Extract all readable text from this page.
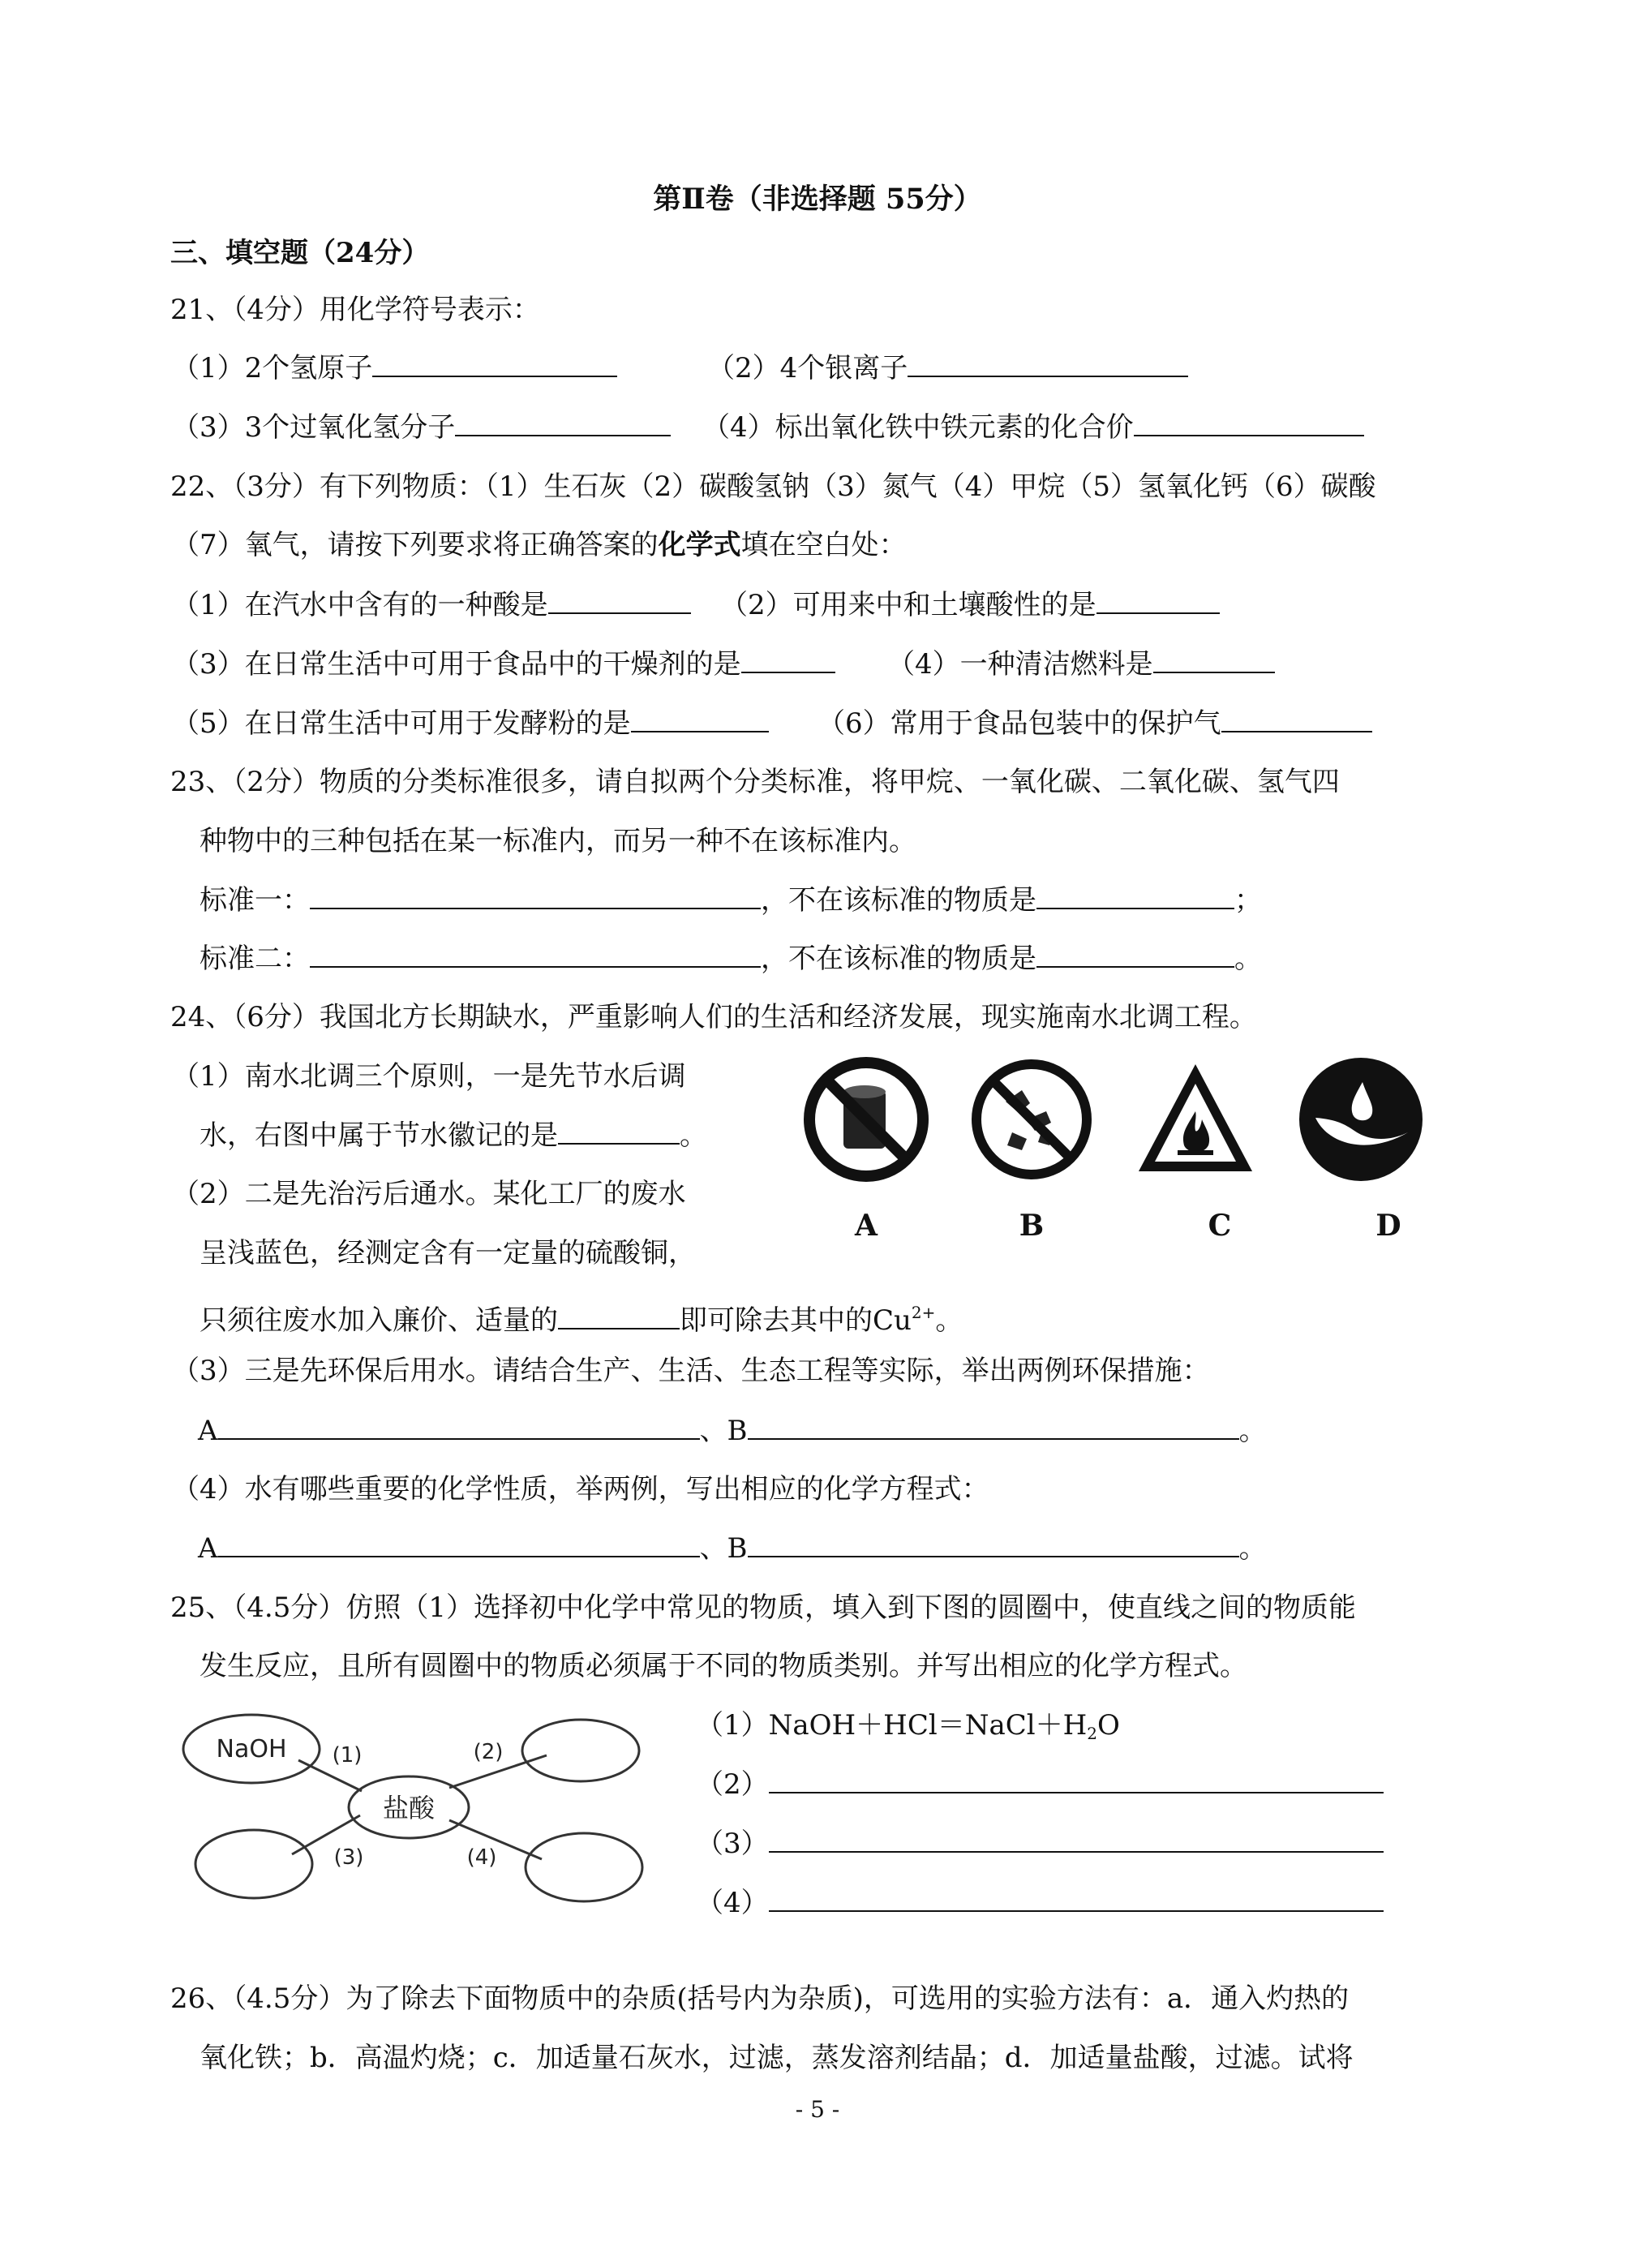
第Ⅱ卷（非选择题 55分）
三、填空题（24分）
21、（4分）用化学符号表示：
（1）2个氢原子	（2）4个银离子
（3）3个过氧化氢分子	（4）标出氧化铁中铁元素的化合价
22、（3分）有下列物质：（1）生石灰（2）碳酸氢钠（3）氮气（4）甲烷（5）氢氧化钙（6）碳酸
（7）氧气，请按下列要求将正确答案的化学式填在空白处：
（1）在汽水中含有的一种酸是	（2）可用来中和土壤酸性的是
（3）在日常生活中可用于食品中的干燥剂的是	（4）一种清洁燃料是
（5）在日常生活中可用于发酵粉的是	（6）常用于食品包装中的保护气
23、（2分）物质的分类标准很多，请自拟两个分类标准，将甲烷、一氧化碳、二氧化碳、氢气四
种物中的三种包括在某一标准内，而另一种不在该标准内。
标准一：	，不在该标准的物质是	；
标准二：	，不在该标准的物质是	。
24、（6分）我国北方长期缺水，严重影响人们的生活和经济发展，现实施南水北调工程。
（1）南水北调三个原则，一是先节水后调
水，右图中属于节水徽记的是	。
（2）二是先治污后通水。某化工厂的废水
呈浅蓝色，经测定含有一定量的硫酸铜，
只须往废水加入廉价、适量的	即可除去其中的$Cu^{2+}$。
（3）三是先环保后用水。请结合生产、生活、生态工程等实际，举出两例环保措施：
A	、B	。
（4）水有哪些重要的化学性质，举两例，写出相应的化学方程式：
A	、B	。
A	B	C	D
25、（4.5分）仿照（1）选择初中化学中常见的物质，填入到下图的圆圈中，使直线之间的物质能
发生反应，且所有圆圈中的物质必须属于不同的物质类别。并写出相应的化学方程式。
NaOH
盐酸
(1)	(2)
(3)	(4)
$(1)NaOH+HCl=NaCl+H_2O$
（2）
（3）
（4）
26、（4.5分）为了除去下面物质中的杂质(括号内为杂质)，可选用的实验方法有：a．通入灼热的
氧化铁；b．高温灼烧；c．加适量石灰水，过滤，蒸发溶剂结晶；d．加适量盐酸，过滤。试将
- 5 -
